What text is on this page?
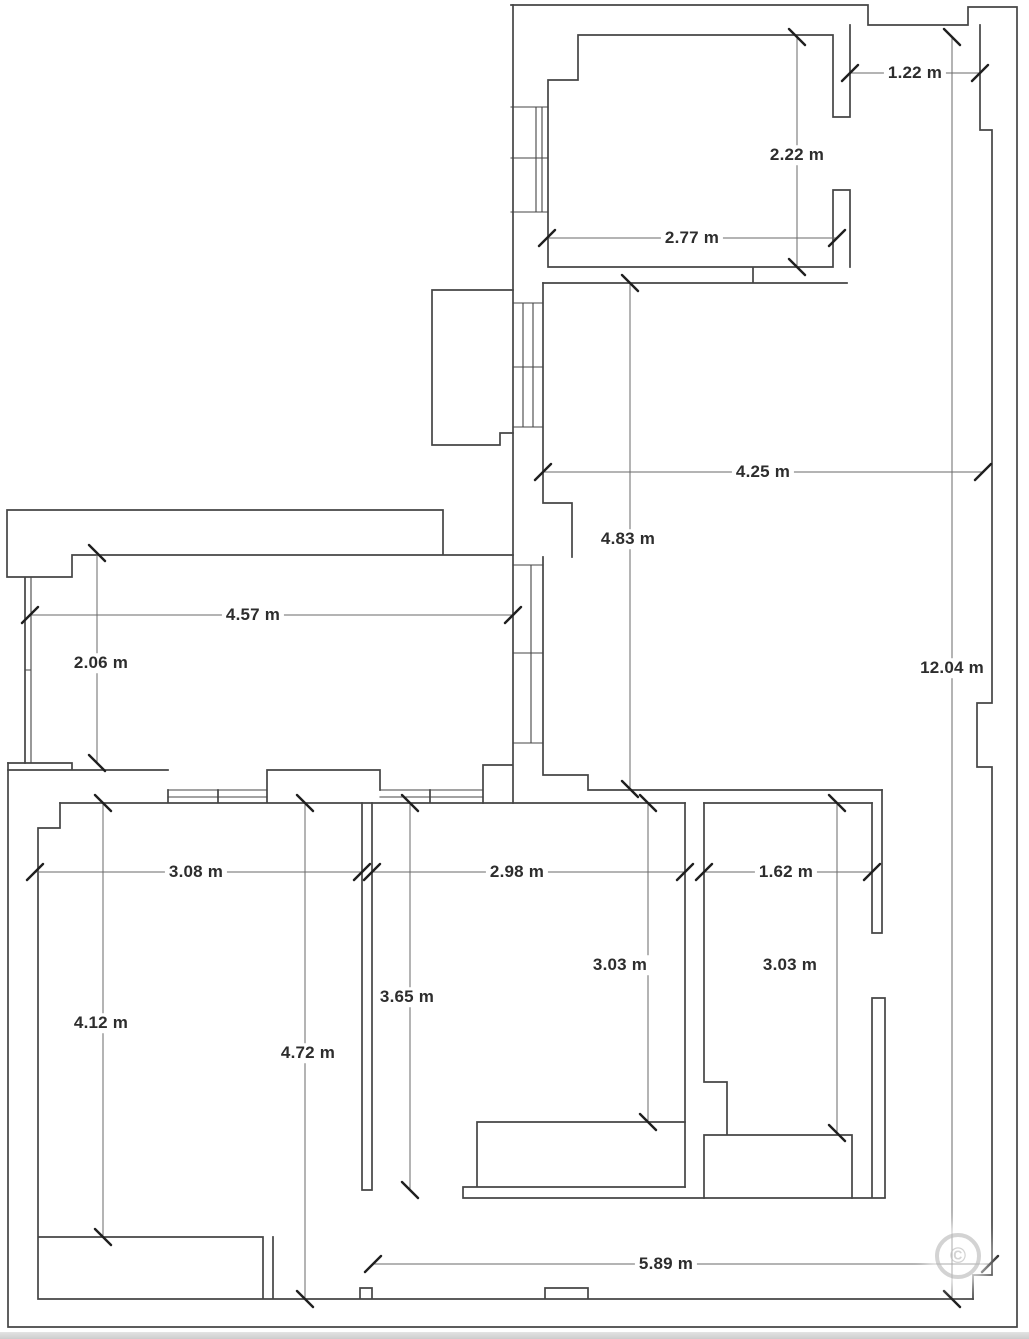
1.22 m
2.22 m
2.77 m
4.25 m
4.83 m
4.57 m
2.06 m	12.04 m
3.08 m	2.98 m	1.62 m
3.03 m	3.03 m
3.65 m
4.12 m
4.72 m
5.89 m	©
